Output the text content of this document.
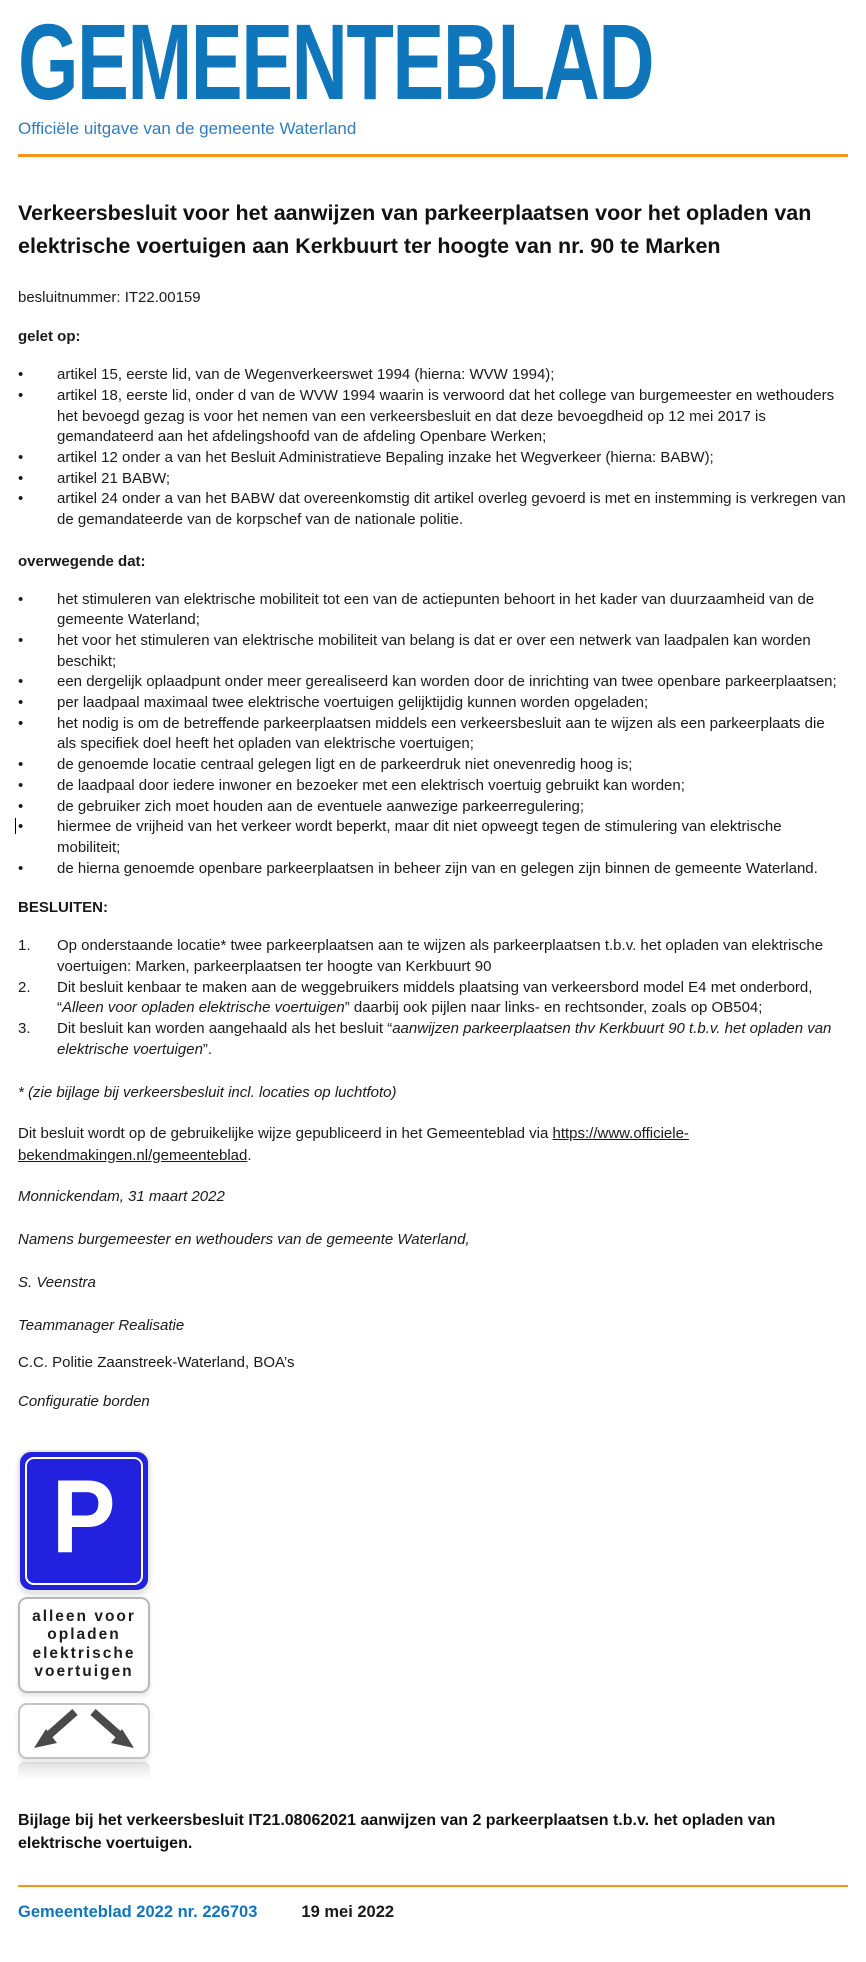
GEMEENTEBLAD
Officiële uitgave van de gemeente Waterland
Verkeersbesluit voor het aanwijzen van parkeerplaatsen voor het opladen van elektrische voertuigen aan Kerkbuurt ter hoogte van nr. 90 te Marken
besluitnummer: IT22.00159
gelet op:
•
artikel 15, eerste lid, van de Wegenverkeerswet 1994 (hierna: WVW 1994);
•
artikel 18, eerste lid, onder d van de WVW 1994 waarin is verwoord dat het college van burgemeester en wethouders het bevoegd gezag is voor het nemen van een verkeersbesluit en dat deze bevoegdheid op 12 mei 2017 is gemandateerd aan het afdelingshoofd van de afdeling Openbare Werken;
•
artikel 12 onder a van het Besluit Administratieve Bepaling inzake het Wegverkeer (hierna: BABW);
•
artikel 21 BABW;
•
artikel 24 onder a van het BABW dat overeenkomstig dit artikel overleg gevoerd is met en instemming is verkregen van de gemandateerde van de korpschef van de nationale politie.
overwegende dat:
•
het stimuleren van elektrische mobiliteit tot een van de actiepunten behoort in het kader van duurzaamheid van de gemeente Waterland;
•
het voor het stimuleren van elektrische mobiliteit van belang is dat er over een netwerk van laadpalen kan worden beschikt;
•
een dergelijk oplaadpunt onder meer gerealiseerd kan worden door de inrichting van twee openbare parkeerplaatsen;
•
per laadpaal maximaal twee elektrische voertuigen gelijktijdig kunnen worden opgeladen;
•
het nodig is om de betreffende parkeerplaatsen middels een verkeersbesluit aan te wijzen als een parkeerplaats die als specifiek doel heeft het opladen van elektrische voertuigen;
•
de genoemde locatie centraal gelegen ligt en de parkeerdruk niet onevenredig hoog is;
•
de laadpaal door iedere inwoner en bezoeker met een elektrisch voertuig gebruikt kan worden;
•
de gebruiker zich moet houden aan de eventuele aanwezige parkeerregulering;
•
hiermee de vrijheid van het verkeer wordt beperkt, maar dit niet opweegt tegen de stimulering van elektrische mobiliteit;
•
de hierna genoemde openbare parkeerplaatsen in beheer zijn van en gelegen zijn binnen de gemeente Waterland.
BESLUITEN:
1.	Op onderstaande locatie* twee parkeerplaatsen aan te wijzen als parkeerplaatsen t.b.v. het opladen van elektrische voertuigen: Marken, parkeerplaatsen ter hoogte van Kerkbuurt 90
2.	Dit besluit kenbaar te maken aan de weggebruikers middels plaatsing van verkeersbord model E4 met onderbord, “Alleen voor opladen elektrische voertuigen” daarbij ook pijlen naar links- en rechtsonder, zoals op OB504;
3.	Dit besluit kan worden aangehaald als het besluit “aanwijzen parkeerplaatsen thv Kerkbuurt 90 t.b.v. het opladen van elektrische voertuigen”.
* (zie bijlage bij verkeersbesluit incl. locaties op luchtfoto)

Dit besluit wordt op de gebruikelijke wijze gepubliceerd in het Gemeenteblad via https://www.officiele-bekendmakingen.nl/gemeenteblad.

Monnickendam, 31 maart 2022
Namens burgemeester en wethouders van de gemeente Waterland,
S. Veenstra
Teammanager Realisatie
C.C. Politie Zaanstreek-Waterland, BOA’s
Configuratie borden
P
alleen voor
opladen
elektrische
voertuigen
Bijlage bij het verkeersbesluit IT21.08062021 aanwijzen van 2 parkeerplaatsen t.b.v. het opladen van elektrische voertuigen.
Gemeenteblad 2022 nr. 226703	19 mei 2022
